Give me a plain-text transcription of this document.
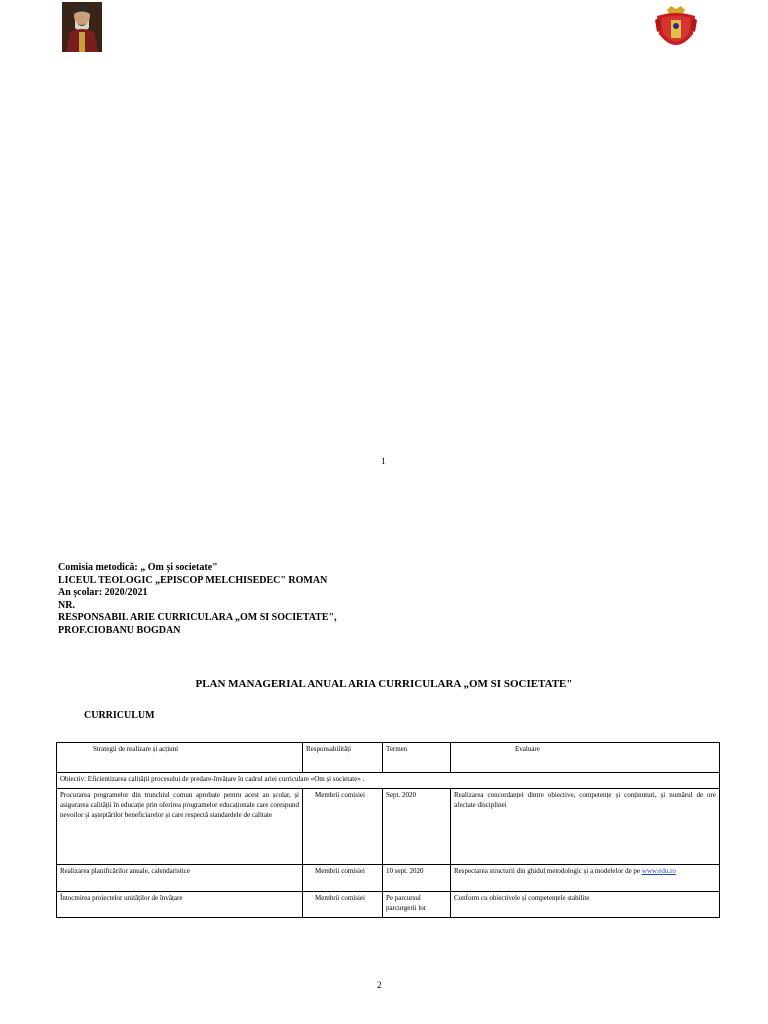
1
Comisia metodică: „ Om și societate"
LICEUL TEOLOGIC „EPISCOP MELCHISEDEC" ROMAN
An școlar: 2020/2021
NR.
RESPONSABIL ARIE CURRICULARA „OM SI SOCIETATE",
PROF.CIOBANU BOGDAN
PLAN MANAGERIAL ANUAL ARIA CURRICULARA „OM SI SOCIETATE"
CURRICULUM
Strategii de realizare și acțiuni	Responsabilități	Termen	Evaluare
Obiectiv: Eficientizarea calității procesului de predare-învățare în cadrul ariei curriculare «Om și societate» .			
Procurarea programelor din trunchiul comun aprobate pentru acest an școlar, și asigurarea calității în educație prin oferirea programelor educaționale care corespund nevoilor și așteptărilor beneficiarelor și care respectă standardele de calitate	Membrii comisiei	Sept. 2020	Realizarea concordanței dintre obiective, competențe și conținuturi, și numărul de ore afectate disciplinei
Realizarea planificărilor anuale, calendaristice	Membrii comisiei	10 sept. 2020	Respectarea structurii din ghidul metodologic și a modelelor de pe www.edu.ro
Întocmirea proiectelor unităților de învățare	Membrii comisiei	Pe parcursul parcurgerii lor	Conform cu obiectivele și competențele stabilite
2
